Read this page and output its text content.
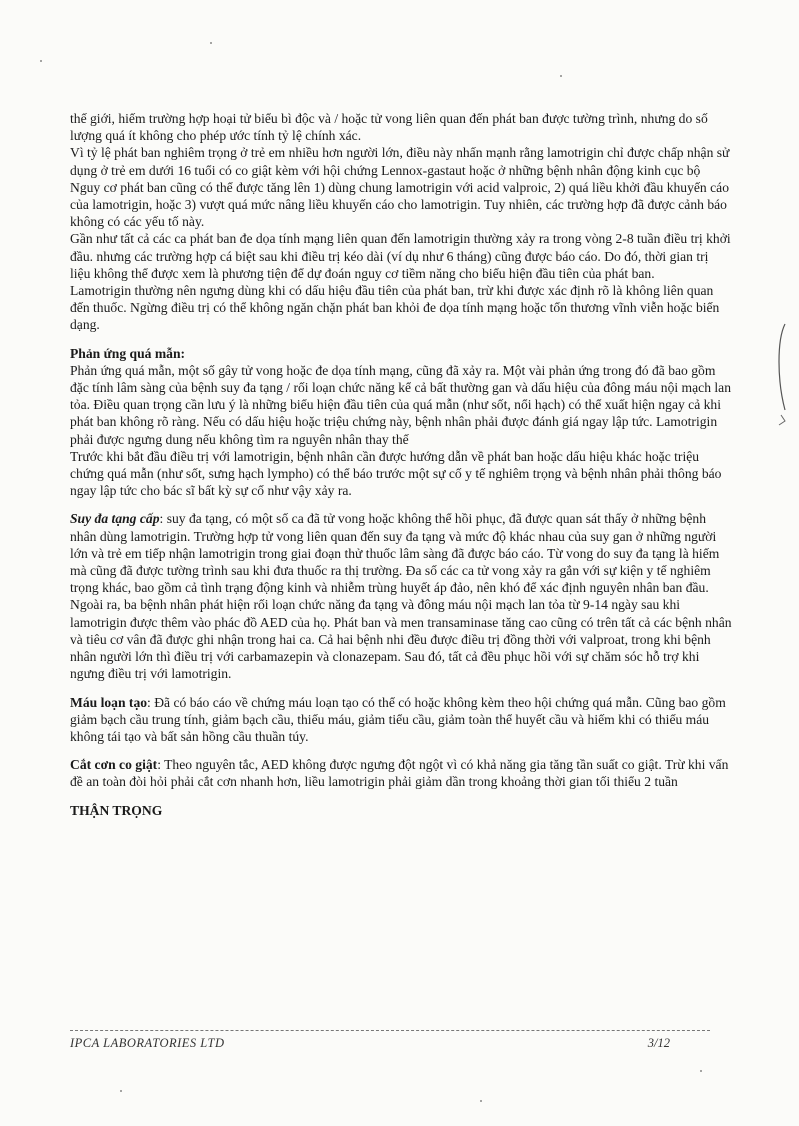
thế giới, hiếm trường hợp hoại tử biểu bì độc và / hoặc tử vong liên quan đến phát ban được tường trình, nhưng do số lượng quá ít không cho phép ước tính tỷ lệ chính xác.

Vì tỷ lệ phát ban nghiêm trọng ở trẻ em nhiều hơn người lớn, điều này nhấn mạnh rằng lamotrigin chỉ được chấp nhận sử dụng ở trẻ em dưới 16 tuổi có co giật kèm với hội chứng Lennox-gastaut hoặc ở những bệnh nhân động kinh cục bộ

Nguy cơ phát ban cũng có thể được tăng lên 1) dùng chung lamotrigin với acid valproic, 2) quá liều khởi đầu khuyến cáo của lamotrigin, hoặc 3) vượt quá mức nâng liều khuyến cáo cho lamotrigin. Tuy nhiên, các trường hợp đã được cảnh báo không có các yếu tố này.

Gần như tất cả các ca phát ban đe dọa tính mạng liên quan đến lamotrigin thường xảy ra trong vòng 2-8 tuần điều trị khởi đầu. nhưng các trường hợp cá biệt sau khi điều trị kéo dài (ví dụ như 6 tháng) cũng được báo cáo. Do đó, thời gian trị liệu không thể được xem là phương tiện để dự đoán nguy cơ tiềm năng cho biểu hiện đầu tiên của phát ban.

Lamotrigin thường nên ngưng dùng khi có dấu hiệu đầu tiên của phát ban, trừ khi được xác định rõ là không liên quan đến thuốc. Ngừng điều trị có thể không ngăn chặn phát ban khỏi đe dọa tính mạng hoặc tổn thương vĩnh viễn hoặc biến dạng.

Phản ứng quá mẫn:

Phản ứng quá mẫn, một số gây tử vong hoặc đe dọa tính mạng, cũng đã xảy ra. Một vài phản ứng trong đó đã bao gồm đặc tính lâm sàng của bệnh suy đa tạng / rối loạn chức năng kể cả bất thường gan và dấu hiệu của đông máu nội mạch lan tỏa. Điều quan trọng cần lưu ý là những biểu hiện đầu tiên của quá mẫn (như sốt, nổi hạch) có thể xuất hiện ngay cả khi phát ban không rõ ràng. Nếu có dấu hiệu hoặc triệu chứng này, bệnh nhân phải được đánh giá ngay lập tức. Lamotrigin phải được ngưng dung nếu không tìm ra nguyên nhân thay thế

Trước khi bắt đầu điều trị với lamotrigin, bệnh nhân cần được hướng dẫn về phát ban hoặc dấu hiệu khác hoặc triệu chứng quá mẫn (như sốt, sưng hạch lympho) có thể báo trước một sự cố y tế nghiêm trọng và bệnh nhân phải thông báo ngay lập tức cho bác sĩ bất kỳ sự cố như vậy xảy ra.

Suy đa tạng cấp: suy đa tạng, có một số ca đã tử vong hoặc không thể hồi phục, đã được quan sát thấy ở những bệnh nhân dùng lamotrigin. Trường hợp tử vong liên quan đến suy đa tạng và mức độ khác nhau của suy gan ở những người lớn và trẻ em tiếp nhận lamotrigin trong giai đoạn thử thuốc lâm sàng đã được báo cáo. Từ vong do suy đa tạng là hiếm mà cũng đã được tường trình sau khi đưa thuốc ra thị trường. Đa số các ca tử vong xảy ra gắn với sự kiện y tế nghiêm trọng khác, bao gồm cả tình trạng động kinh và nhiễm trùng huyết áp đảo, nên khó để xác định nguyên nhân ban đầu.

Ngoài ra, ba bệnh nhân phát hiện rối loạn chức năng đa tạng và đông máu nội mạch lan tỏa từ 9-14 ngày sau khi lamotrigin được thêm vào phác đồ AED của họ. Phát ban và men transaminase tăng cao cũng có trên tất cả các bệnh nhân và tiêu cơ vân đã được ghi nhận trong hai ca. Cả hai bệnh nhi đều được điều trị đồng thời với valproat, trong khi bệnh nhân người lớn thì điều trị với carbamazepin và clonazepam. Sau đó, tất cả đều phục hồi với sự chăm sóc hỗ trợ khi ngưng điều trị với lamotrigin.

Máu loạn tạo: Đã có báo cáo về chứng máu loạn tạo có thể có hoặc không kèm theo hội chứng quá mẫn. Cũng bao gồm giảm bạch cầu trung tính, giảm bạch cầu, thiếu máu, giảm tiểu cầu, giảm toàn thể huyết cầu và hiếm khi có thiếu máu không tái tạo và bất sản hồng cầu thuần túy.

Cắt cơn co giật: Theo nguyên tắc, AED không được ngưng đột ngột vì có khả năng gia tăng tần suất co giật. Trừ khi vấn đề an toàn đòi hỏi phải cắt cơn nhanh hơn, liều lamotrigin phải giảm dần trong khoảng thời gian tối thiểu 2 tuần

THẬN TRỌNG

IPCA LABORATORIES LTD	3/12
